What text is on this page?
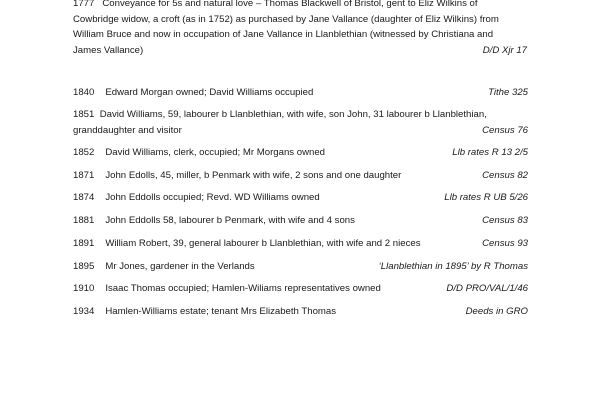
1777 Conveyance for 5s and natural love – Thomas Blackwell of Bristol, gent to Eliz Wilkins of
Cowbridge widow, a croft (as in 1752) as purchased by Jane Vallance (daughter of Eliz Wilkins) from
William Bruce and now in occupation of Jane Vallance in Llanblethian (witnessed by Christiana and
James Vallance)	D/D Xjr 17
1840 Edward Morgan owned; David Williams occupied	Tithe 325
1851 David Williams, 59, labourer b Llanblethian, with wife, son John, 31 labourer b Llanblethian,
granddaughter and visitor	Census 76
1852 David Williams, clerk, occupied; Mr Morgans owned	Llb rates R 13 2/5
1871 John Edolls, 45, miller, b Penmark with wife, 2 sons and one daughter	Census 82
1874 John Eddolls occupied; Revd. WD Williams owned	Llb rates R UB 5/26
1881 John Eddolls 58, labourer b Penmark, with wife and 4 sons	Census 83
1891 William Robert, 39, general labourer b Llanblethian, with wife and 2 nieces	Census 93
1895 Mr Jones, gardener in the Verlands	‘Llanblethian in 1895’ by R Thomas
1910 Isaac Thomas occupied; Hamlen-Wiliams representatives owned	D/D PRO/VAL/1/46
1934 Hamlen-Williams estate; tenant Mrs Elizabeth Thomas	Deeds in GRO
